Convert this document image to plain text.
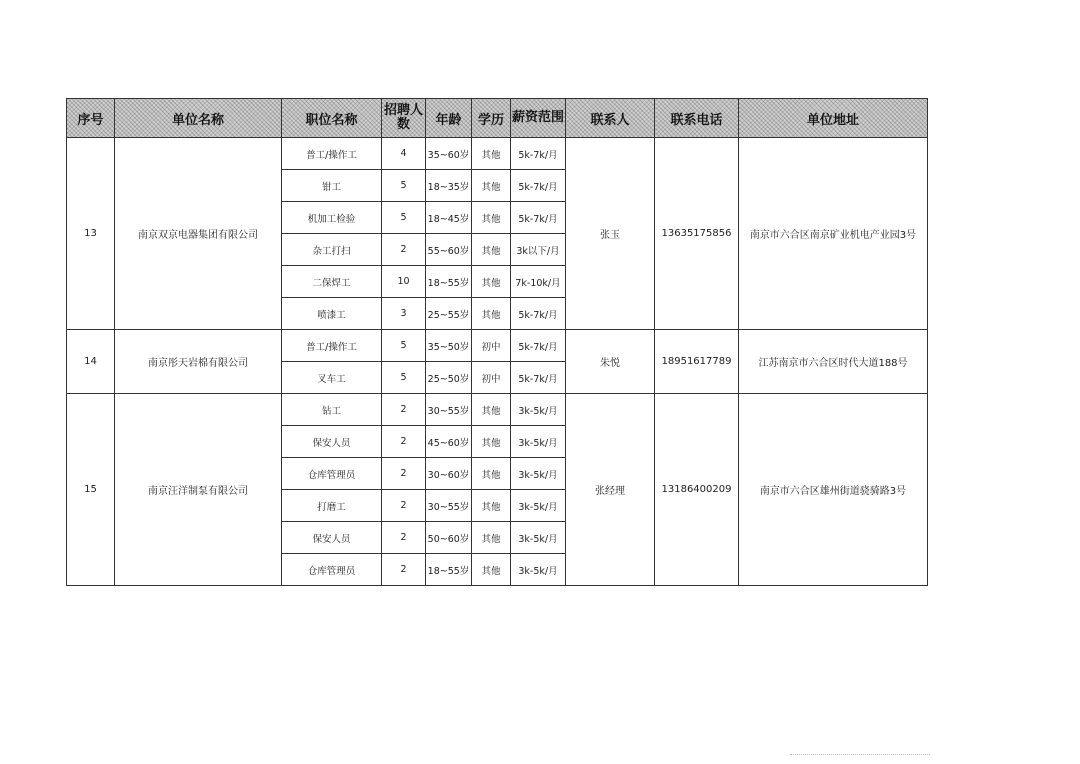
序号	单位名称	职位名称	招聘人数	年龄	学历	薪资范围	联系人	联系电话	单位地址
13	南京双京电器集团有限公司	普工/操作工	4	35~60岁	其他	5k-7k/月	张玉	13635175856	南京市六合区南京矿业机电产业园3号
		钳工	5	18~35岁	其他	5k-7k/月			
		机加工检验	5	18~45岁	其他	5k-7k/月			
		杂工打扫	2	55~60岁	其他	3k以下/月			
		二保焊工	10	18~55岁	其他	7k-10k/月			
		喷漆工	3	25~55岁	其他	5k-7k/月			
14	南京彤天岩棉有限公司	普工/操作工	5	35~50岁	初中	5k-7k/月	朱悦	18951617789	江苏南京市六合区时代大道188号
		叉车工	5	25~50岁	初中	5k-7k/月			
15	南京汪洋制泵有限公司	钻工	2	30~55岁	其他	3k-5k/月	张经理	13186400209	南京市六合区雄州街道骁骑路3号
		保安人员	2	45~60岁	其他	3k-5k/月			
		仓库管理员	2	30~60岁	其他	3k-5k/月			
		打磨工	2	30~55岁	其他	3k-5k/月			
		保安人员	2	50~60岁	其他	3k-5k/月			
		仓库管理员	2	18~55岁	其他	3k-5k/月			
